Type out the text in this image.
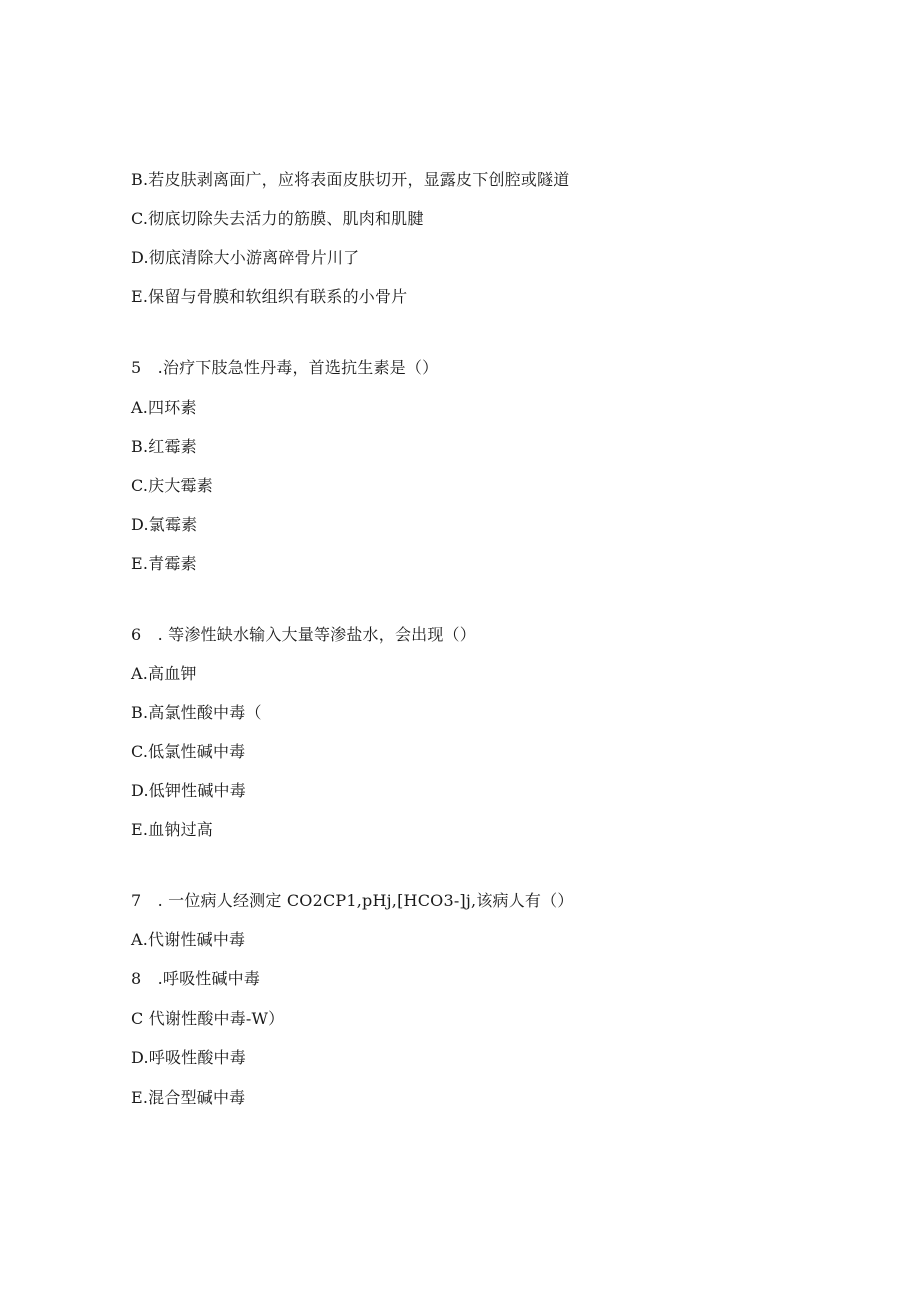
B.若皮肤剥离面广，应将表面皮肤切开，显露皮下创腔或隧道

C.彻底切除失去活力的筋膜、肌肉和肌腱

D.彻底清除大小游离碎骨片川了

E.保留与骨膜和软组织有联系的小骨片

5　.治疗下肢急性丹毒，首选抗生素是（）

A.四环素

B.红霉素

C.庆大霉素

D.氯霉素

E.青霉素

6　. 等渗性缺水输入大量等渗盐水，会出现（）

A.高血钾

B.高氯性酸中毒（

C.低氯性碱中毒

D.低钾性碱中毒

E.血钠过高

7　. 一位病人经测定 CO2CP1,pHj,[HCO3-]j,该病人有（）

A.代谢性碱中毒

8　.呼吸性碱中毒

C 代谢性酸中毒-W）

D.呼吸性酸中毒

E.混合型碱中毒
